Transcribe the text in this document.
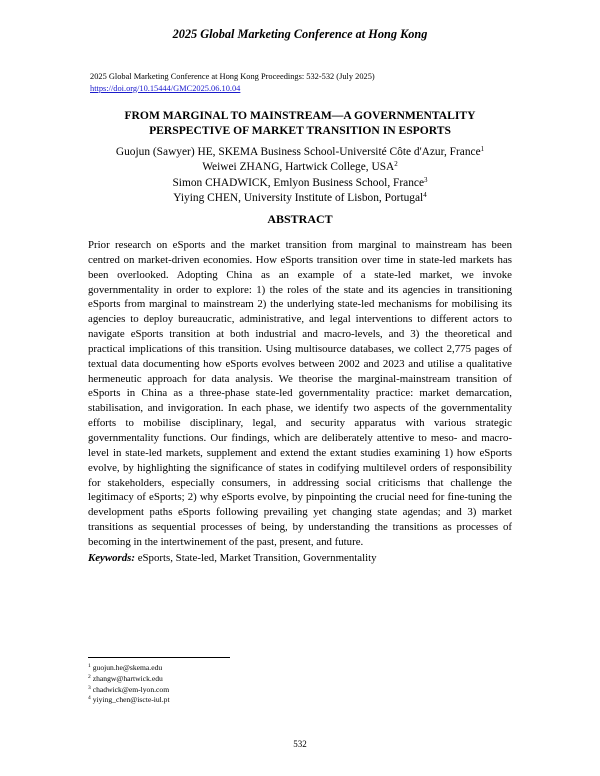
2025 Global Marketing Conference at Hong Kong
2025 Global Marketing Conference at Hong Kong Proceedings: 532-532 (July 2025)
https://doi.org/10.15444/GMC2025.06.10.04
FROM MARGINAL TO MAINSTREAM—A GOVERNMENTALITY
PERSPECTIVE OF MARKET TRANSITION IN ESPORTS
Guojun (Sawyer) HE, SKEMA Business School-Université Côte d'Azur, France$^1$
Weiwei ZHANG, Hartwick College, USA$^2$
Simon CHADWICK, Emlyon Business School, France$^3$
Yiying CHEN, University Institute of Lisbon, Portugal$^4$
ABSTRACT

Prior research on eSports and the market transition from marginal to mainstream has been centred on market-driven economies. How eSports transition over time in state-led markets has been overlooked. Adopting China as an example of a state-led market, we invoke governmentality in order to explore: 1) the roles of the state and its agencies in transitioning eSports from marginal to mainstream 2) the underlying state-led mechanisms for mobilising its agencies to deploy bureaucratic, administrative, and legal interventions to different actors to navigate eSports transition at both industrial and macro-levels, and 3) the theoretical and practical implications of this transition. Using multisource databases, we collect 2,775 pages of textual data documenting how eSports evolves between 2002 and 2023 and utilise a qualitative hermeneutic approach for data analysis. We theorise the marginal-mainstream transition of eSports in China as a three-phase state-led governmentality practice: market demarcation, stabilisation, and invigoration. In each phase, we identify two aspects of the governmentality efforts to mobilise disciplinary, legal, and security apparatus with various strategic governmentality functions. Our findings, which are deliberately attentive to meso- and macro-level in state-led markets, supplement and extend the extant studies examining 1) how eSports evolve, by highlighting the significance of states in codifying multilevel orders of responsibility for stakeholders, especially consumers, in addressing social criticisms that challenge the legitimacy of eSports; 2) why eSports evolve, by pinpointing the crucial need for fine-tuning the development paths eSports following prevailing yet changing state agendas; and 3) market transitions as sequential processes of being, by understanding the transitions as processes of becoming in the intertwinement of the past, present, and future.

Keywords: eSports, State-led, Market Transition, Governmentality

$^1$ guojun.he@skema.edu
$^2$ zhangw@hartwick.edu
$^3$ chadwick@em-lyon.com
$^4$ yiying_chen@iscte-iul.pt
532
